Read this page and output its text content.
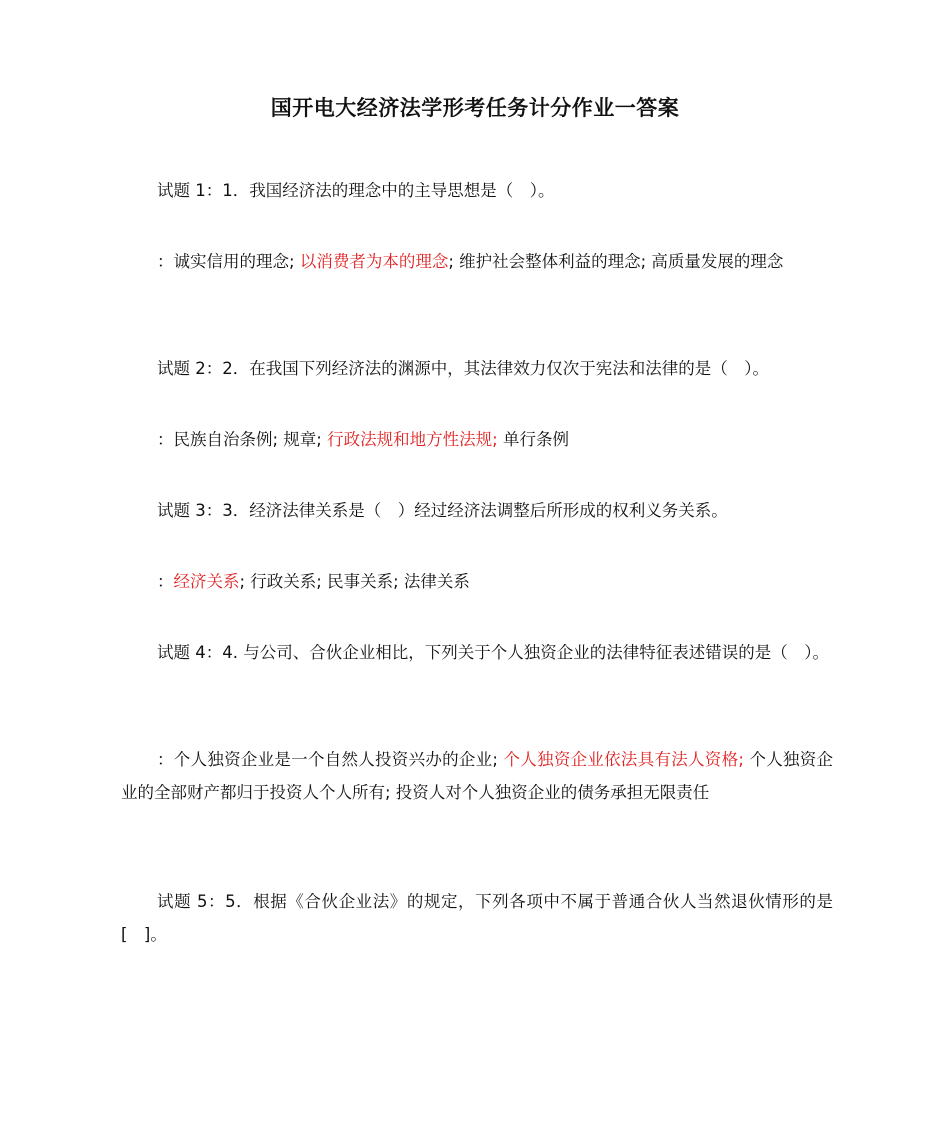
国开电大经济法学形考任务计分作业一答案
试题 1：1．我国经济法的理念中的主导思想是（　）。
：诚实信用的理念; 以消费者为本的理念; 维护社会整体利益的理念; 高质量发展的理念
试题 2：2．在我国下列经济法的渊源中，其法律效力仅次于宪法和法律的是（　）。
：民族自治条例; 规章; 行政法规和地方性法规; 单行条例
试题 3：3．经济法律关系是（　）经过经济法调整后所形成的权利义务关系。
：经济关系; 行政关系; 民事关系; 法律关系
试题 4：4. 与公司、合伙企业相比，下列关于个人独资企业的法律特征表述错误的是（　）。
：个人独资企业是一个自然人投资兴办的企业; 个人独资企业依法具有法人资格; 个人独资企业的全部财产都归于投资人个人所有; 投资人对个人独资企业的债务承担无限责任
试题 5：5．根据《合伙企业法》的规定，下列各项中不属于普通合伙人当然退伙情形的是[　]。
